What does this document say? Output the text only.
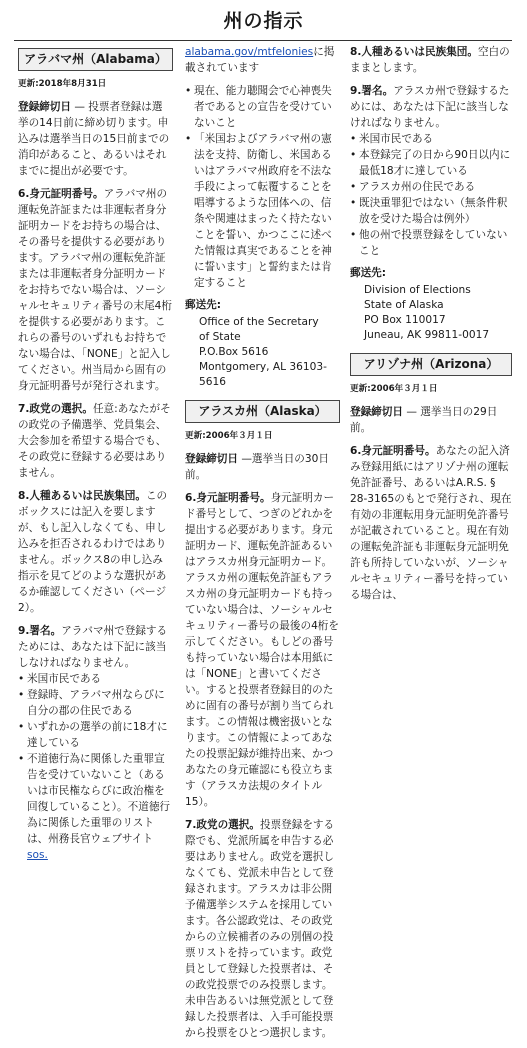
州の指示
アラバマ州（Alabama）
更新:2018年8月31日

登録締切日 — 投票者登録は選挙の14日前に締め切ります。申込みは選挙当日の15日前までの消印があること、あるいはそれまでに提出が必要です。

6.身元証明番号。アラバマ州の運転免許証または非運転者身分証明カードをお持ちの場合は、その番号を提供する必要があります。アラバマ州の運転免許証または非運転者身分証明カードをお持ちでない場合は、ソーシャルセキュリティ番号の末尾4桁を提供する必要があります。これらの番号のいずれもお持ちでない場合は、「NONE」と記入してください。州当局から固有の身元証明番号が発行されます。

7.政党の選択。任意:あなたがその政党の予備選挙、党員集会、大会参加を希望する場合でも、その政党に登録する必要はありません。

8.人種あるいは民族集団。このボックスには記入を要しますが、もし記入しなくても、申し込みを拒否されるわけではありません。ボックス8の申し込み指示を見てどのような選択があるか確認してください（ページ2）。

9.署名。アラバマ州で登録するためには、あなたは下記に該当しなければなりません。

• 米国市民である
• 登録時、アラバマ州ならびに自分の郡の住民である
• いずれかの選挙の前に18才に達している
• 不道徳行為に関係した重罪宣告を受けていないこと（あるいは市民権ならびに政治権を回復していること）。不道徳行為に関係した重罪のリストは、州務長官ウェブサイトsos.

alabama.gov/mtfeloniesに掲載されています

• 現在、能力聴聞会で心神喪失者であるとの宣告を受けていないこと
• 「米国およびアラバマ州の憲法を支持、防衛し、米国あるいはアラバマ州政府を不法な手段によって転覆することを唱導するような団体への、信条や関連はまったく持たないことを誓い、かつここに述べた情報は真実であることを神に誓います」と誓約または肯定すること
郵送先:
Office of the Secretary
of State
P.O.Box 5616
Montgomery, AL 36103-5616
アラスカ州（Alaska）
更新:2006年３月１日

登録締切日 —選挙当日の30日前。

6.身元証明番号。身元証明カード番号として、つぎのどれかを提出する必要があります。身元証明カード、運転免許証あるいはアラスカ州身元証明カード。アラスカ州の運転免許証もアラスカ州の身元証明カードも持っていない場合は、ソーシャルセキュリティー番号の最後の4桁を示してください。もしどの番号も持っていない場合は本用紙には「NONE」と書いてください。すると投票者登録目的のために固有の番号が割り当てられます。この情報は機密扱いとなります。この情報によってあなたの投票記録が維持出来、かつあなたの身元確認にも役立ちます（アラスカ法規のタイトル15）。

7.政党の選択。投票登録をする際でも、党派所属を申告する必要はありません。政党を選択しなくても、党派未申告として登録されます。アラスカは非公開予備選挙システムを採用しています。各公認政党は、その政党からの立候補者のみの別個の投票リストを持っています。政党員として登録した投票者は、その政党投票でのみ投票します。未申告あるいは無党派として登録した投票者は、入手可能投票から投票をひとつ選択します。

8.人種あるいは民族集団。空白のままとします。

9.署名。アラスカ州で登録するためには、あなたは下記に該当しなければなりません。

• 米国市民である
• 本登録完了の日から90日以内に最低18才に達している
• アラスカ州の住民である
• 既決重罪犯ではない（無条件釈放を受けた場合は例外）
• 他の州で投票登録をしていないこと
郵送先:
Division of Elections
State of Alaska
PO Box 110017
Juneau, AK 99811-0017
アリゾナ州（Arizona）
更新:2006年３月１日

登録締切日 — 選挙当日の29日前。

6.身元証明番号。あなたの記入済み登録用紙にはアリゾナ州の運転免許証番号、あるいはA.R.S. § 28-3165のもとで発行され、現在有効の非運転用身元証明免許番号が記載されていること。現在有効の運転免許証も非運転身元証明免許も所持していないが、ソーシャルセキュリティー番号を持っている場合は、
